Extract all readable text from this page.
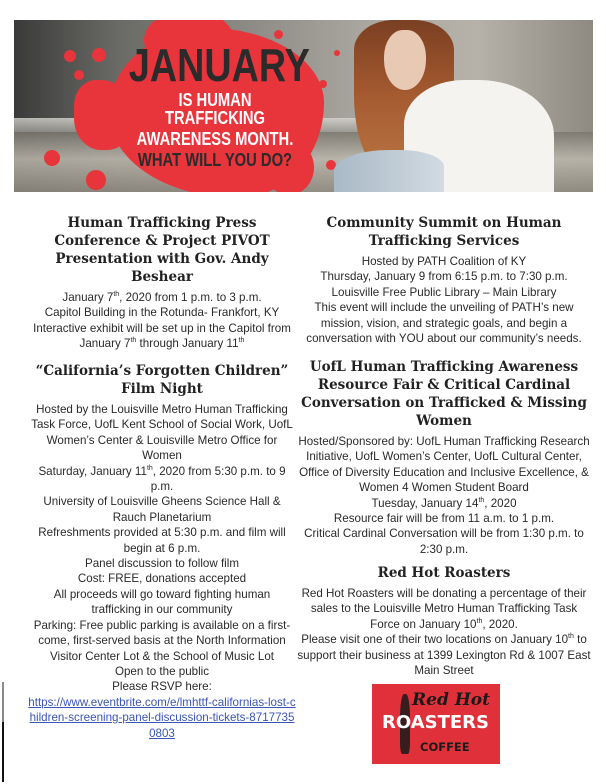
JANUARY
IS HUMAN TRAFFICKING
AWARENESS MONTH.
WHAT WILL YOU DO?
Human Trafficking Press Conference & Project PIVOT Presentation with Gov. Andy Beshear

January 7th, 2020 from 1 p.m. to 3 p.m.

Capitol Building in the Rotunda- Frankfort, KY

Interactive exhibit will be set up in the Capitol from January 7th through January 11th

“California’s Forgotten Children” Film Night

Hosted by the Louisville Metro Human Trafficking Task Force, UofL Kent School of Social Work, UofL Women’s Center & Louisville Metro Office for Women

Saturday, January 11th, 2020 from 5:30 p.m. to 9 p.m.

University of Louisville Gheens Science Hall & Rauch Planetarium

Refreshments provided at 5:30 p.m. and film will begin at 6 p.m.

Panel discussion to follow film

Cost: FREE, donations accepted

All proceeds will go toward fighting human trafficking in our community

Parking: Free public parking is available on a first-come, first-served basis at the North Information Visitor Center Lot & the School of Music Lot

Open to the public

Please RSVP here:

https://www.eventbrite.com/e/lmhttf-californias-lost-children-screening-panel-discussion-tickets-87177350803

Community Summit on Human Trafficking Services

Hosted by PATH Coalition of KY

Thursday, January 9 from 6:15 p.m. to 7:30 p.m.

Louisville Free Public Library – Main Library

This event will include the unveiling of PATH’s new mission, vision, and strategic goals, and begin a conversation with YOU about our community’s needs.

UofL Human Trafficking Awareness Resource Fair & Critical Cardinal Conversation on Trafficked & Missing Women

Hosted/Sponsored by: UofL Human Trafficking Research Initiative, UofL Women’s Center, UofL Cultural Center, Office of Diversity Education and Inclusive Excellence, & Women 4 Women Student Board

Tuesday, January 14th, 2020

Resource fair will be from 11 a.m. to 1 p.m.

Critical Cardinal Conversation will be from 1:30 p.m. to 2:30 p.m.

Red Hot Roasters

Red Hot Roasters will be donating a percentage of their sales to the Louisville Metro Human Trafficking Task Force on January 10th, 2020.

Please visit one of their two locations on January 10th to support their business at 1399 Lexington Rd & 1007 East Main Street

Red Hot
ROASTERS
COFFEE
